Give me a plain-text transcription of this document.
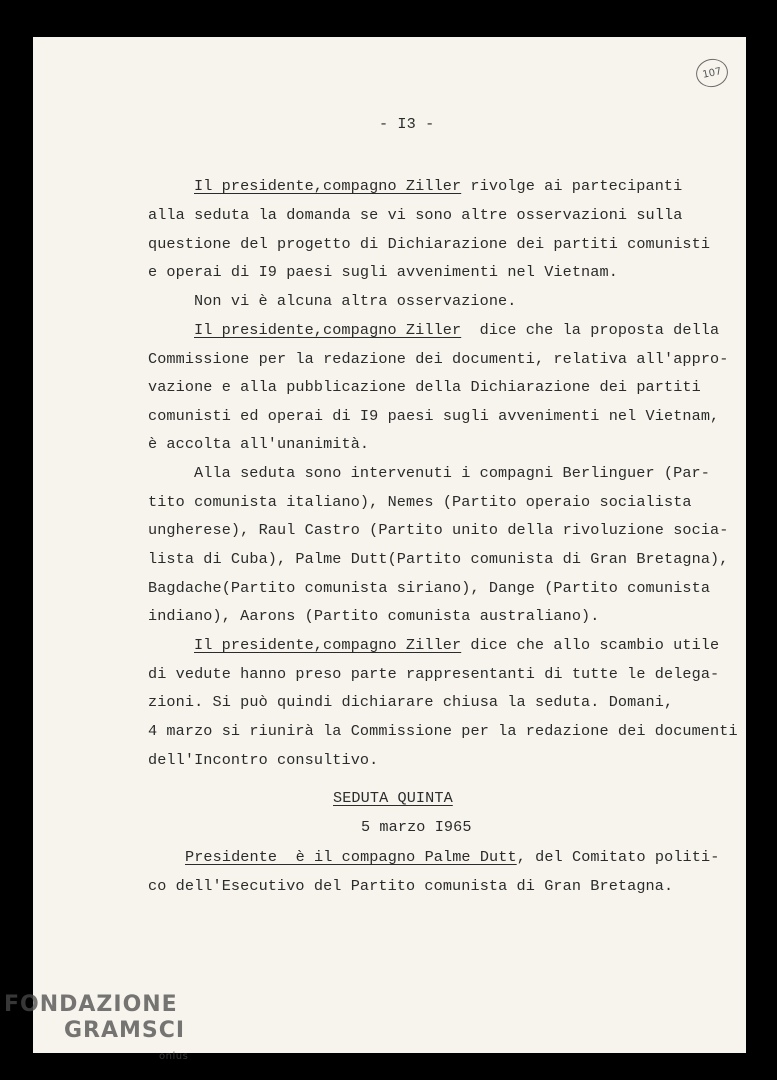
107
- I3 -
Il presidente,compagno Ziller rivolge ai partecipanti
alla seduta la domanda se vi sono altre osservazioni sulla
questione del progetto di Dichiarazione dei partiti comunisti
e operai di I9 paesi sugli avvenimenti nel Vietnam.
Non vi è alcuna altra osservazione.
Il presidente,compagno Ziller  dice che la proposta della
Commissione per la redazione dei documenti, relativa all'appro-
vazione e alla pubblicazione della Dichiarazione dei partiti
comunisti ed operai di I9 paesi sugli avvenimenti nel Vietnam,
è accolta all'unanimità.
Alla seduta sono intervenuti i compagni Berlinguer (Par-
tito comunista italiano), Nemes (Partito operaio socialista
ungherese), Raul Castro (Partito unito della rivoluzione socia-
lista di Cuba), Palme Dutt(Partito comunista di Gran Bretagna),
Bagdache(Partito comunista siriano), Dange (Partito comunista
indiano), Aarons (Partito comunista australiano).
Il presidente,compagno Ziller dice che allo scambio utile
di vedute hanno preso parte rappresentanti di tutte le delega-
zioni. Si può quindi dichiarare chiusa la seduta. Domani,
4 marzo si riunirà la Commissione per la redazione dei documenti
dell'Incontro consultivo.
SEDUTA QUINTA
5 marzo I965
Presidente  è il compagno Palme Dutt, del Comitato politi-
co dell'Esecutivo del Partito comunista di Gran Bretagna.
FONDAZIONE
GRAMSCI
onlus
